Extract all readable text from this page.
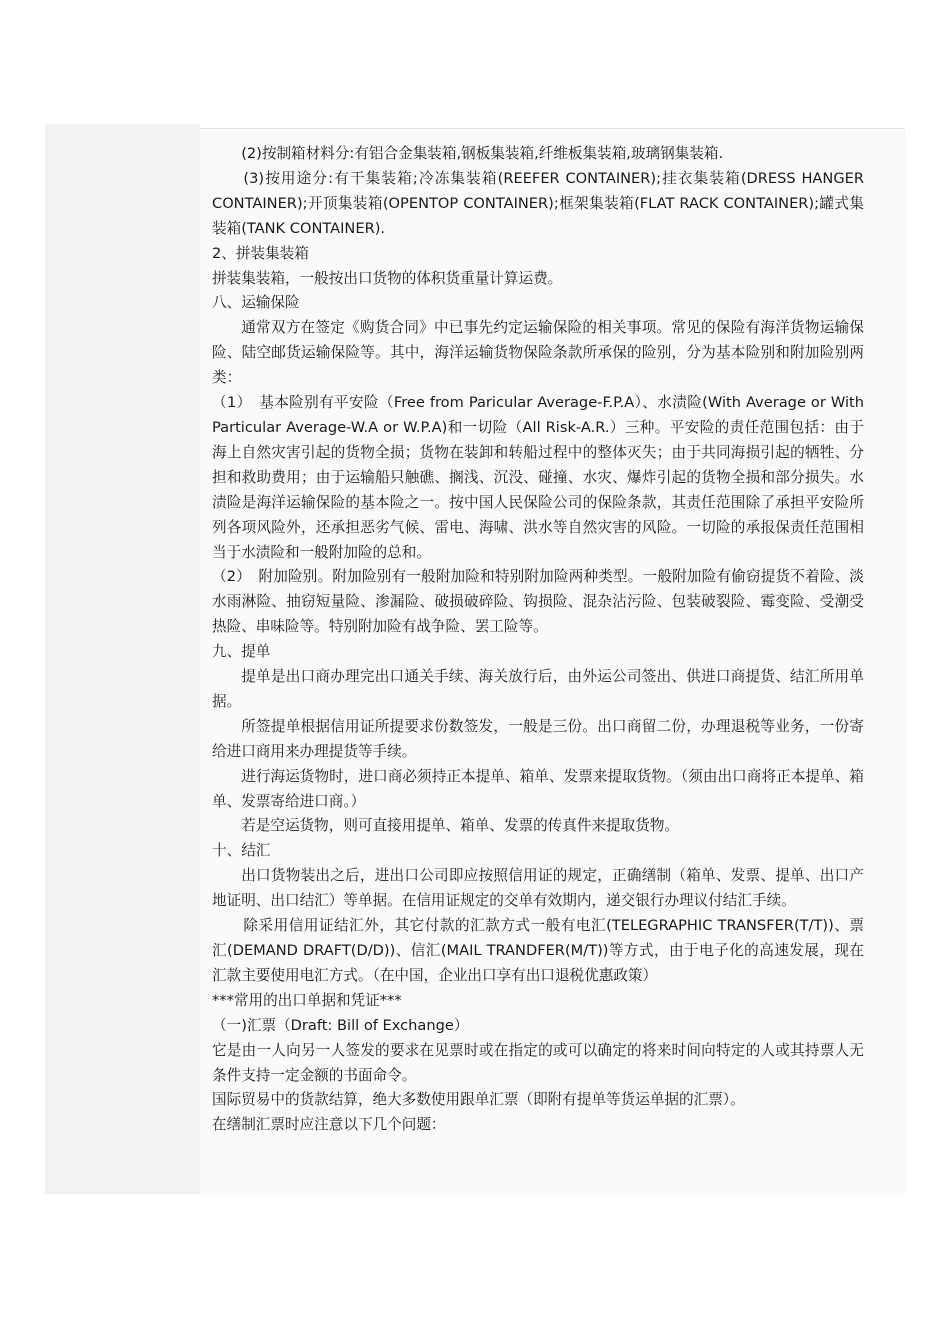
(2)按制箱材料分:有铝合金集装箱,钢板集装箱,纤维板集装箱,玻璃钢集装箱.

(3)按用途分:有干集装箱;冷冻集装箱(REEFER CONTAINER);挂衣集装箱(DRESS HANGER CONTAINER);开顶集装箱(OPENTOP CONTAINER);框架集装箱(FLAT RACK CONTAINER);罐式集装箱(TANK CONTAINER).

2、拼装集装箱

拼装集装箱，一般按出口货物的体积货重量计算运费。

八、运输保险

通常双方在签定《购货合同》中已事先约定运输保险的相关事项。常见的保险有海洋货物运输保险、陆空邮货运输保险等。其中，海洋运输货物保险条款所承保的险别，分为基本险别和附加险别两类：

（1）　基本险别有平安险（Free from Paricular Average-F.P.A）、水渍险(With Average or With Particular Average-W.A or W.P.A)和一切险（All Risk-A.R.）三种。平安险的责任范围包括：由于海上自然灾害引起的货物全损；货物在装卸和转船过程中的整体灭失；由于共同海损引起的牺牲、分担和救助费用；由于运输船只触礁、搁浅、沉没、碰撞、水灾、爆炸引起的货物全损和部分损失。水渍险是海洋运输保险的基本险之一。按中国人民保险公司的保险条款，其责任范围除了承担平安险所列各项风险外，还承担恶劣气候、雷电、海啸、洪水等自然灾害的风险。一切险的承报保责任范围相当于水渍险和一般附加险的总和。

（2）　附加险别。附加险别有一般附加险和特别附加险两种类型。一般附加险有偷窃提货不着险、淡水雨淋险、抽窃短量险、渗漏险、破损破碎险、钩损险、混杂沾污险、包装破裂险、霉变险、受潮受热险、串味险等。特别附加险有战争险、罢工险等。

九、提单

提单是出口商办理完出口通关手续、海关放行后，由外运公司签出、供进口商提货、结汇所用单据。

所签提单根据信用证所提要求份数签发，一般是三份。出口商留二份，办理退税等业务，一份寄给进口商用来办理提货等手续。

进行海运货物时，进口商必须持正本提单、箱单、发票来提取货物。（须由出口商将正本提单、箱单、发票寄给进口商。）

若是空运货物，则可直接用提单、箱单、发票的传真件来提取货物。

十、结汇

出口货物装出之后，进出口公司即应按照信用证的规定，正确缮制（箱单、发票、提单、出口产地证明、出口结汇）等单据。在信用证规定的交单有效期内，递交银行办理议付结汇手续。

除采用信用证结汇外，其它付款的汇款方式一般有电汇(TELEGRAPHIC TRANSFER(T/T))、票汇(DEMAND DRAFT(D/D))、信汇(MAIL TRANDFER(M/T))等方式，由于电子化的高速发展，现在汇款主要使用电汇方式。（在中国，企业出口享有出口退税优惠政策）

***常用的出口单据和凭证***

（一)汇票（Draft: Bill of Exchange）

它是由一人向另一人签发的要求在见票时或在指定的或可以确定的将来时间向特定的人或其持票人无条件支持一定金额的书面命令。

国际贸易中的货款结算，绝大多数使用跟单汇票（即附有提单等货运单据的汇票）。

在缮制汇票时应注意以下几个问题：
